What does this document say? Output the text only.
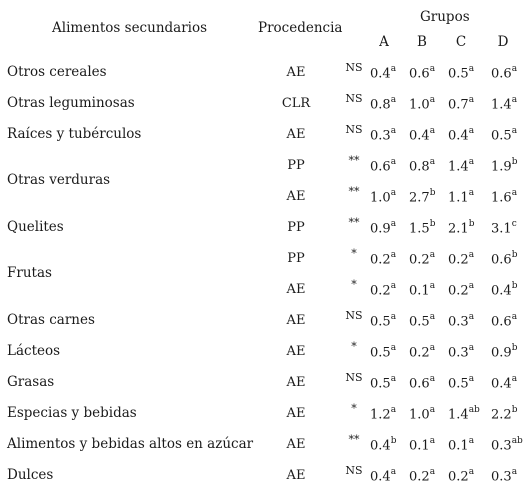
Alimentos secundarios	Procedencia
Grupos
A B C D
Otros cereales	AE	NS 0.4$^a$ 0.6$^a$ 0.5$^a$ 0.6$^a$
Otras leguminosas	CLR	NS 0.8$^a$ 1.0$^a$ 0.7$^a$ 1.4$^a$
Raíces y tubérculos	AE	NS 0.3$^a$ 0.4$^a$ 0.4$^a$ 0.5$^a$
Otras verduras
PP	** 0.6$^a$ 0.8$^a$ 1.4$^a$ 1.9$^b$
AE	** 1.0$^a$ 2.7$^b$ 1.1$^a$ 1.6$^a$
Quelites	PP	** 0.9$^a$ 1.5$^b$ 2.1$^b$ 3.1$^c$
Frutas
PP	* 0.2$^a$ 0.2$^a$ 0.2$^a$ 0.6$^b$
AE	* 0.2$^a$ 0.1$^a$ 0.2$^a$ 0.4$^b$
Otras carnes	AE	NS 0.5$^a$ 0.5$^a$ 0.3$^a$ 0.6$^a$
Lácteos	AE	* 0.5$^a$ 0.2$^a$ 0.3$^a$ 0.9$^b$
Grasas	AE	NS 0.5$^a$ 0.6$^a$ 0.5$^a$ 0.4$^a$
Especias y bebidas	AE	* 1.2$^a$ 1.0$^a$ 1.4$^{ab}$ 2.2$^b$
Alimentos y bebidas altos en azúcar	AE	** 0.4$^b$ 0.1$^a$ 0.1$^a$ 0.3$^{ab}$
Dulces	AE	NS 0.4$^a$ 0.2$^a$ 0.2$^a$ 0.3$^a$
